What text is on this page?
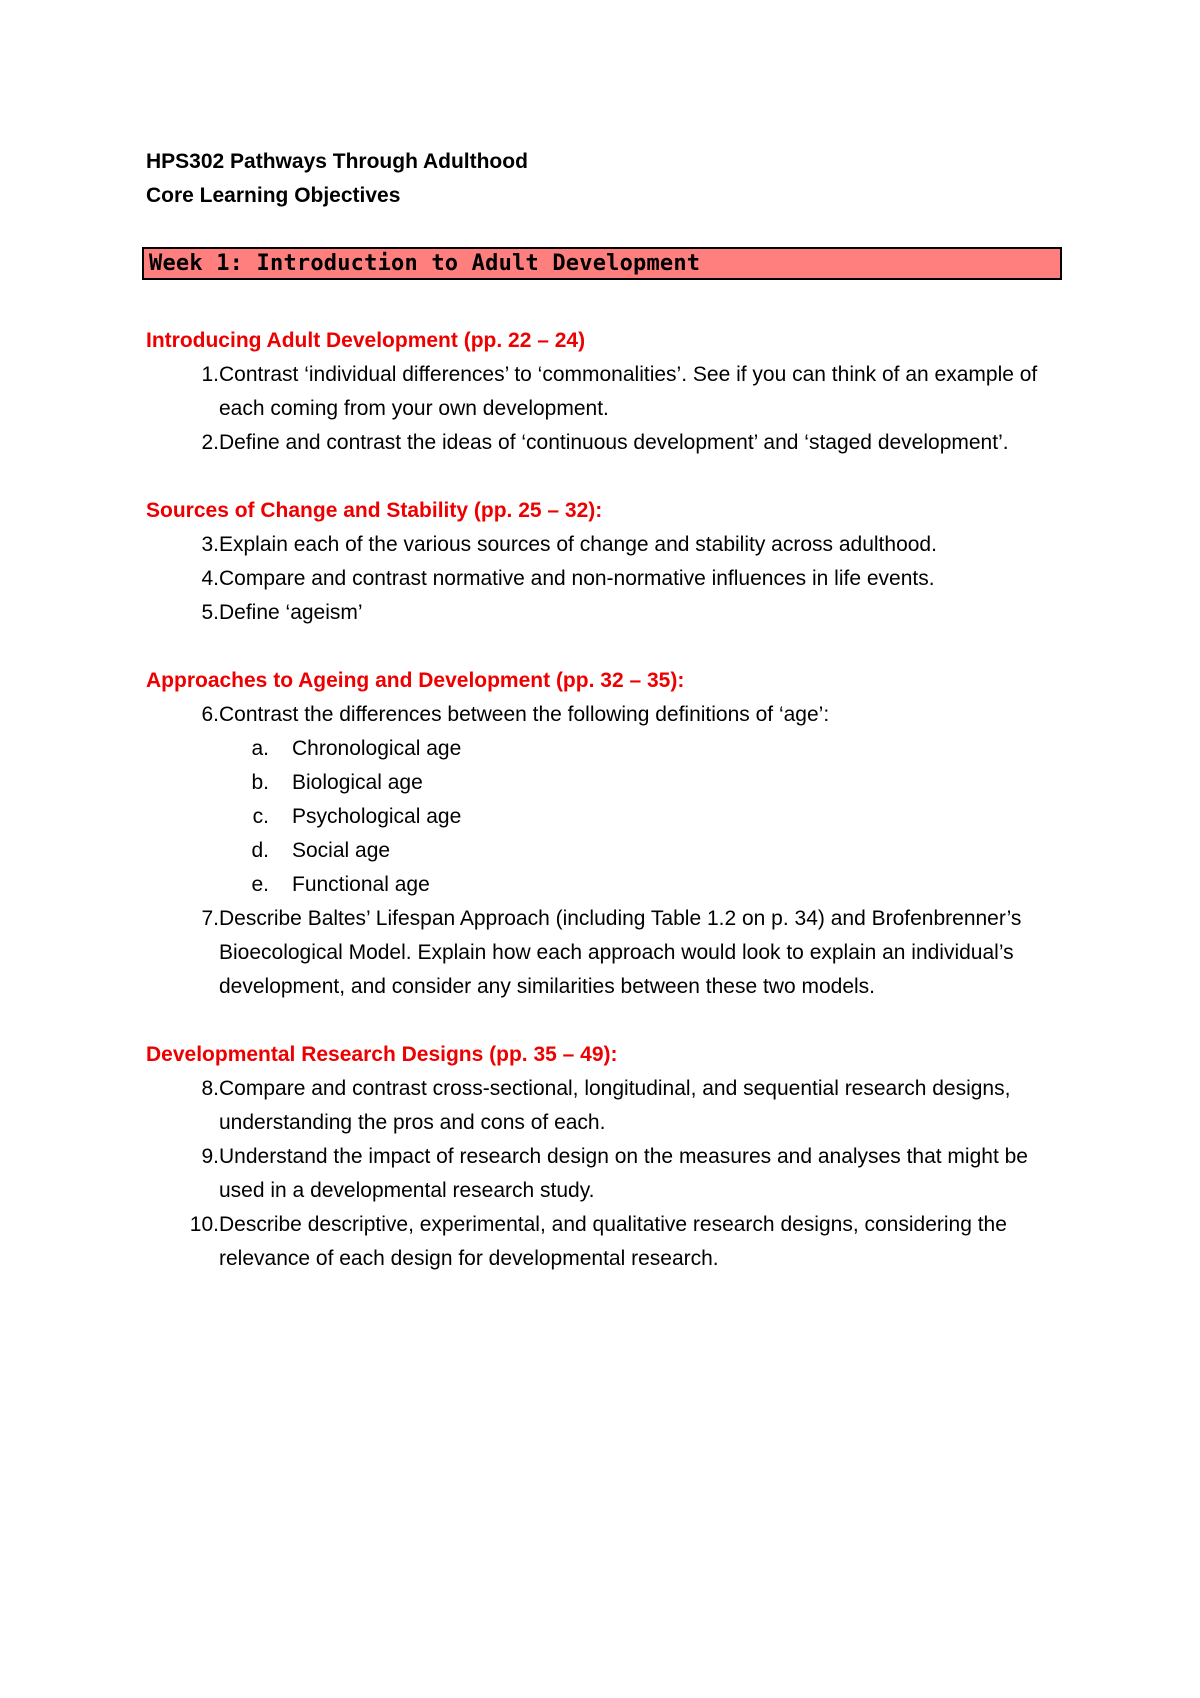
HPS302 Pathways Through Adulthood
Core Learning Objectives
Week 1: Introduction to Adult Development
Introducing Adult Development (pp. 22 – 24)
1. Contrast ‘individual differences’ to ‘commonalities’. See if you can think of an example of each coming from your own development.
2. Define and contrast the ideas of ‘continuous development’ and ‘staged development’.
Sources of Change and Stability (pp. 25 – 32):
3. Explain each of the various sources of change and stability across adulthood.
4. Compare and contrast normative and non-normative influences in life events.
5. Define ‘ageism’
Approaches to Ageing and Development (pp. 32 – 35):
6. Contrast the differences between the following definitions of ‘age’:
a.	Chronological age
b.	Biological age
c.	Psychological age
d.	Social age
e.	Functional age
7. Describe Baltes’ Lifespan Approach (including Table 1.2 on p. 34) and Brofenbrenner’s Bioecological Model. Explain how each approach would look to explain an individual’s development, and consider any similarities between these two models.
Developmental Research Designs (pp. 35 – 49):
8. Compare and contrast cross-sectional, longitudinal, and sequential research designs, understanding the pros and cons of each.
9. Understand the impact of research design on the measures and analyses that might be used in a developmental research study.
10. Describe descriptive, experimental, and qualitative research designs, considering the relevance of each design for developmental research.
